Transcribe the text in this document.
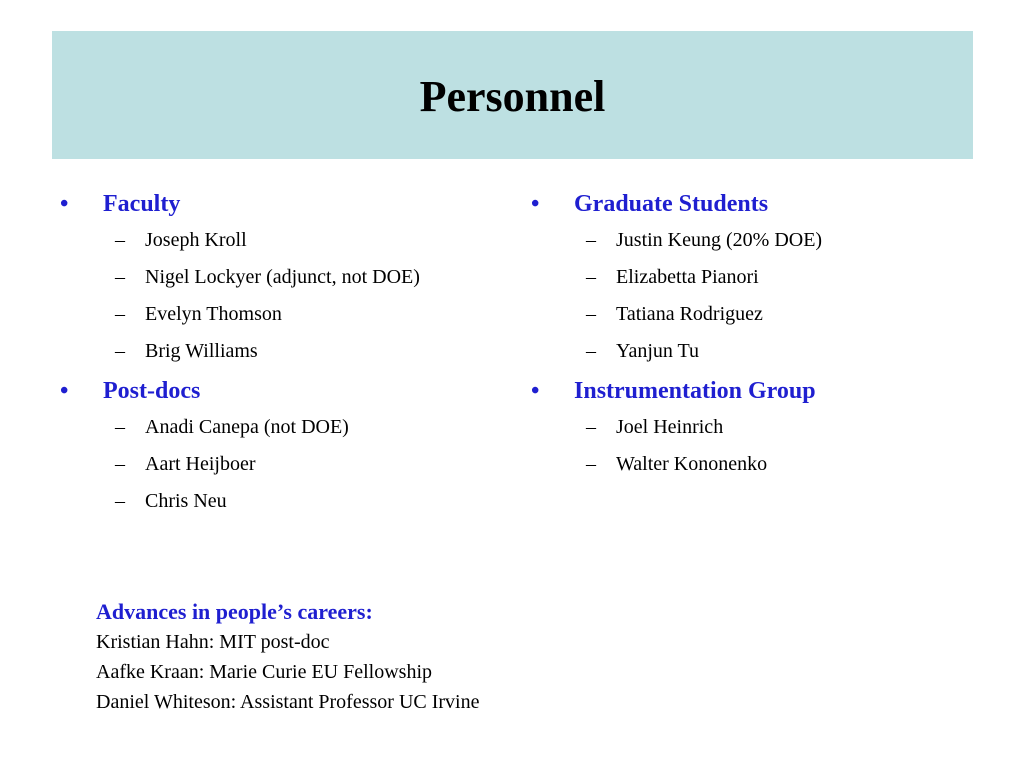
Personnel
•	Faculty
–	Joseph Kroll
–	Nigel Lockyer (adjunct, not DOE)
–	Evelyn Thomson
–	Brig Williams
•	Post-docs
–	Anadi Canepa (not DOE)
–	Aart Heijboer
–	Chris Neu
•	Graduate Students
–	Justin Keung (20% DOE)
–	Elizabetta Pianori
–	Tatiana Rodriguez
–	Yanjun Tu
•	Instrumentation Group
–	Joel Heinrich
–	Walter Kononenko
Advances in people’s careers:
Kristian Hahn: MIT post-doc
Aafke Kraan: Marie Curie EU Fellowship
Daniel Whiteson: Assistant Professor UC Irvine
